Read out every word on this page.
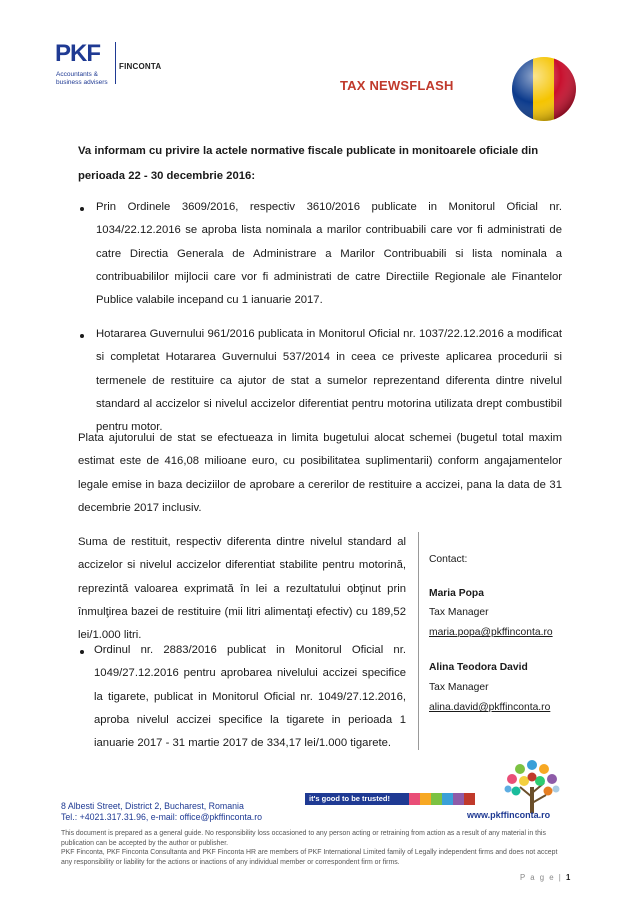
PKF
Accountants &
business advisers
FINCONTA
TAX NEWSFLASH
Va informam cu privire la actele normative fiscale publicate in monitoarele oficiale din perioada 22 - 30 decembrie 2016:
Prin Ordinele 3609/2016, respectiv 3610/2016 publicate in Monitorul Oficial nr. 1034/22.12.2016 se aproba lista nominala a marilor contribuabili care vor fi administrati de catre Directia Generala de Administrare a Marilor Contribuabili si lista nominala a contribuabililor mijlocii care vor fi administrati de catre Directiile Regionale ale Finantelor Publice valabile incepand cu 1 ianuarie 2017.
Hotararea Guvernului 961/2016 publicata in Monitorul Oficial nr. 1037/22.12.2016 a modificat si completat Hotararea Guvernului 537/2014 in ceea ce priveste aplicarea procedurii si termenele de restituire ca ajutor de stat a sumelor reprezentand diferenta dintre nivelul standard al accizelor si nivelul accizelor diferentiat pentru motorina utilizata drept combustibil pentru motor.
Plata ajutorului de stat se efectueaza in limita bugetului alocat schemei (bugetul total maxim estimat este de 416,08 milioane euro, cu posibilitatea suplimentarii) conform angajamentelor legale emise in baza deciziilor de aprobare a cererilor de restituire a accizei, pana la data de 31 decembrie 2017 inclusiv.
Suma de restituit, respectiv diferenta dintre nivelul standard al accizelor si nivelul accizelor diferentiat stabilite pentru motorină, reprezintă valoarea exprimată în lei a rezultatului obţinut prin înmulţirea bazei de restituire (mii litri alimentaţi efectiv) cu 189,52 lei/1.000 litri.
Ordinul nr. 2883/2016 publicat in Monitorul Oficial nr. 1049/27.12.2016 pentru aprobarea nivelului accizei specifice la tigarete, publicat in Monitorul Oficial nr. 1049/27.12.2016, aproba nivelul accizei specifice la tigarete in perioada 1 ianuarie 2017 - 31 martie 2017 de 334,17 lei/1.000 tigarete.
Contact:
Maria Popa
Tax Manager
maria.popa@pkffinconta.ro
Alina Teodora David
Tax Manager
alina.david@pkffinconta.ro
it's good to be trusted!
www.pkffinconta.ro
8 Albesti Street, District 2, Bucharest, Romania
Tel.: +4021.317.31.96, e-mail: office@pkffinconta.ro
This document is prepared as a general guide. No responsibility loss occasioned to any person acting or retraining from action as a result of any material in this publication can be accepted by the author or publisher.
PKF Finconta, PKF Finconta Consultanta and PKF Finconta HR are members of PKF International Limited family of Legally independent firms and does not accept any responsibility or liability for the actions or inactions of any individual member or correspondent firm or firms.
P a g e | 1
